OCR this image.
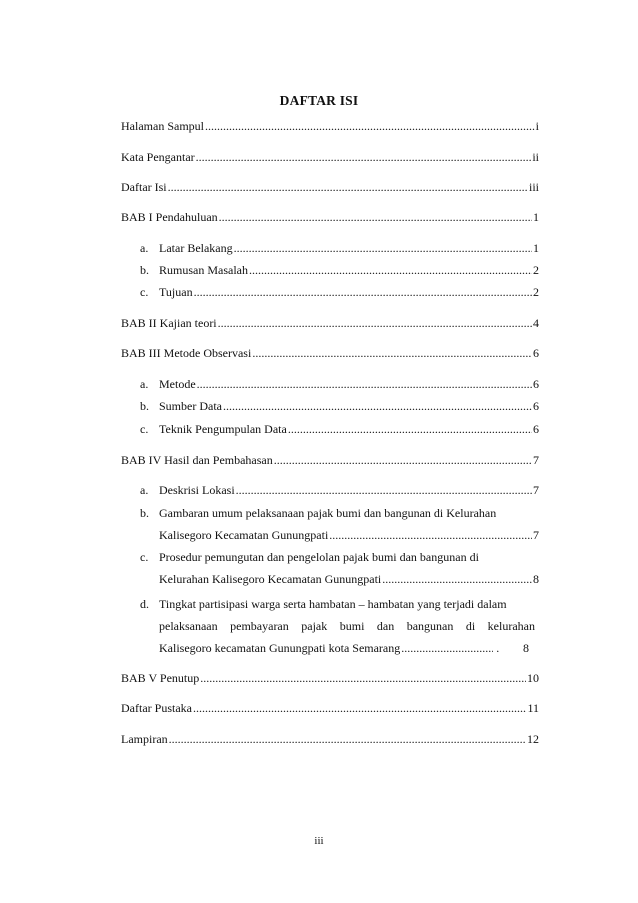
DAFTAR ISI
Halaman Sampul .....	i
Kata Pengantar .....	ii
Daftar Isi .....	iii
BAB I Pendahuluan .....	1
a. Latar Belakang .....	1
b. Rumusan Masalah .....	2
c. Tujuan .....	2
BAB II Kajian teori .....	4
BAB III Metode Observasi .....	6
a. Metode .....	6
b. Sumber Data .....	6
c. Teknik Pengumpulan Data .....	6
BAB IV Hasil dan Pembahasan .....	7
a. Deskrisi Lokasi .....	7
b. Gambaran umum pelaksanaan pajak bumi dan bangunan di Kelurahan
Kalisegoro Kecamatan Gunungpati .....	7
c. Prosedur pemungutan dan pengelolan pajak bumi dan bangunan di
Kelurahan Kalisegoro Kecamatan Gunungpati .....	8
d. Tingkat partisipasi warga serta hambatan – hambatan yang terjadi dalam
pelaksanaan pembayaran pajak bumi dan bangunan di kelurahan
Kalisegoro kecamatan Gunungpati kota Semarang .....	.	8
BAB V Penutup .....	10
Daftar Pustaka .....	11
Lampiran .....	12
iii
